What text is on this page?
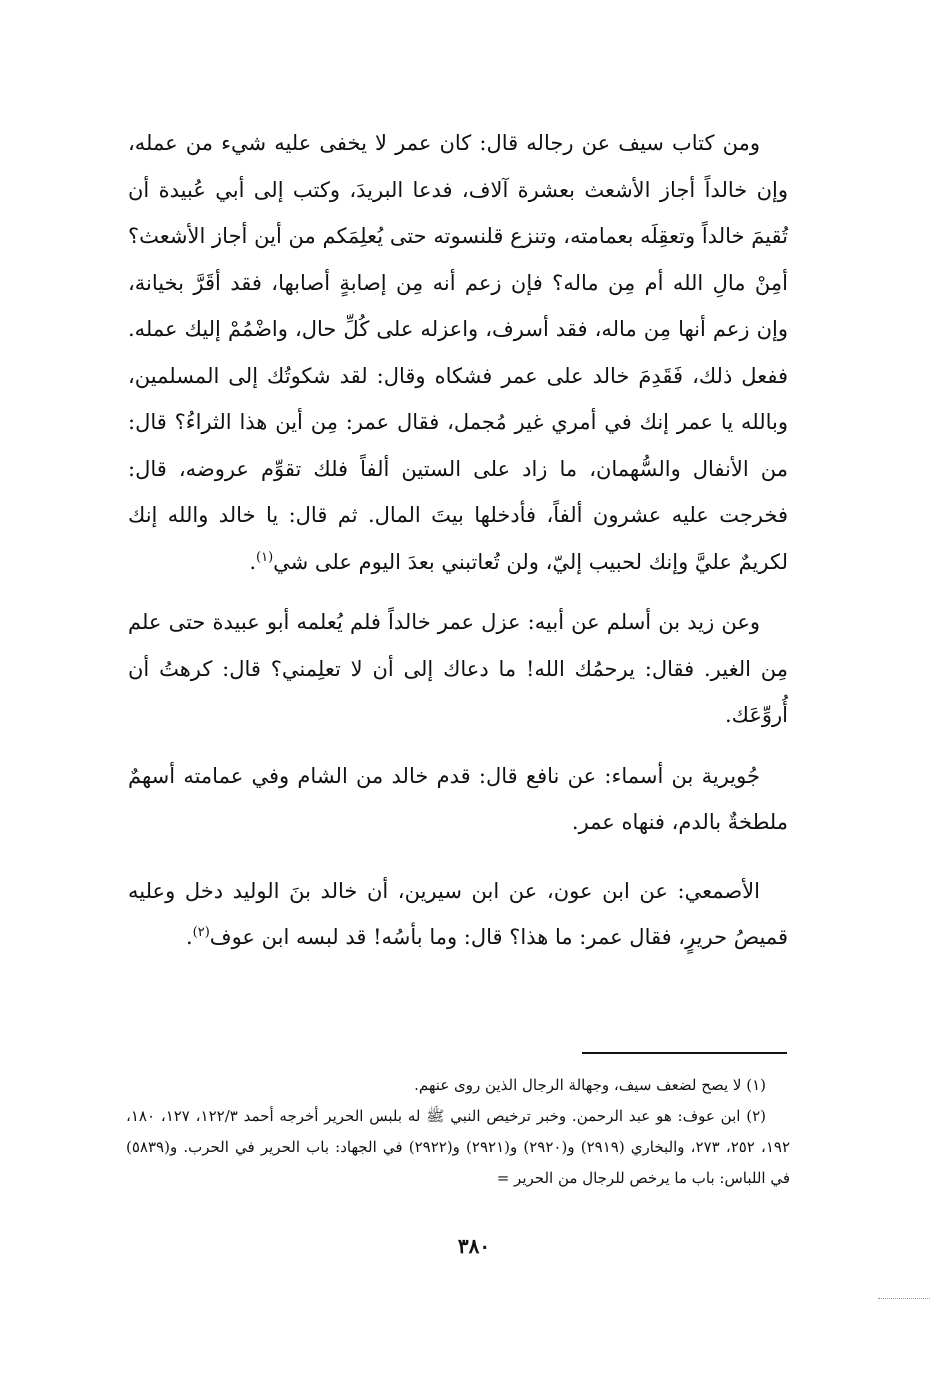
ومن كتاب سيف عن رجاله قال: كان عمر لا يخفى عليه شيء من عمله، وإن خالداً أجاز الأشعث بعشرة آلاف، فدعا البريدَ، وكتب إلى أبي عُبيدة أن تُقيمَ خالداً وتعقِلَه بعمامته، وتنزع قلنسوته حتى يُعلِمَكم من أين أجاز الأشعث؟ أمِنْ مالِ الله أم مِن ماله؟ فإن زعم أنه مِن إصابةٍ أصابها، فقد أقَرَّ بخيانة، وإن زعم أنها مِن ماله، فقد أسرف، واعزله على كُلِّ حال، واضْمُمْ إليك عمله. ففعل ذلك، فَقَدِمَ خالد على عمر فشكاه وقال: لقد شكوتُك إلى المسلمين، وبالله يا عمر إنك في أمري غير مُجمل، فقال عمر: مِن أين هذا الثراءُ؟ قال: من الأنفال والسُّهمان، ما زاد على الستين ألفاً فلك تقوِّم عروضه، قال: فخرجت عليه عشرون ألفاً، فأدخلها بيتَ المال. ثم قال: يا خالد والله إنك لكريمٌ عليَّ وإنك لحبيب إليّ، ولن تُعاتبني بعدَ اليوم على شي$^{(١)}$.

وعن زيد بن أسلم عن أبيه: عزل عمر خالداً فلم يُعلمه أبو عبيدة حتى علم مِن الغير. فقال: يرحمُك الله! ما دعاك إلى أن لا تعلِمني؟ قال: كرهتُ أن أُروِّعَك.

جُويرية بن أسماء: عن نافع قال: قدم خالد من الشام وفي عمامته أسهمٌ ملطخةٌ بالدم، فنهاه عمر.

الأصمعي: عن ابن عون، عن ابن سيرين، أن خالد بنَ الوليد دخل وعليه قميصُ حريرٍ، فقال عمر: ما هذا؟ قال: وما بأسُه! قد لبسه ابن عوف$^{(٢)}$.

(١) لا يصح لضعف سيف، وجهالة الرجال الذين روى عنهم.

(٢) ابن عوف: هو عبد الرحمن. وخبر ترخيص النبي ﷺ له بلبس الحرير أخرجه أحمد ١٢٢/٣، ١٢٧، ١٨٠، ١٩٢، ٢٥٢، ٢٧٣، والبخاري (٢٩١٩) و(٢٩٢٠) و(٢٩٢١) و(٢٩٢٢) في الجهاد: باب الحرير في الحرب. و(٥٨٣٩) في اللباس: باب ما يرخص للرجال من الحرير =

٣٨٠
